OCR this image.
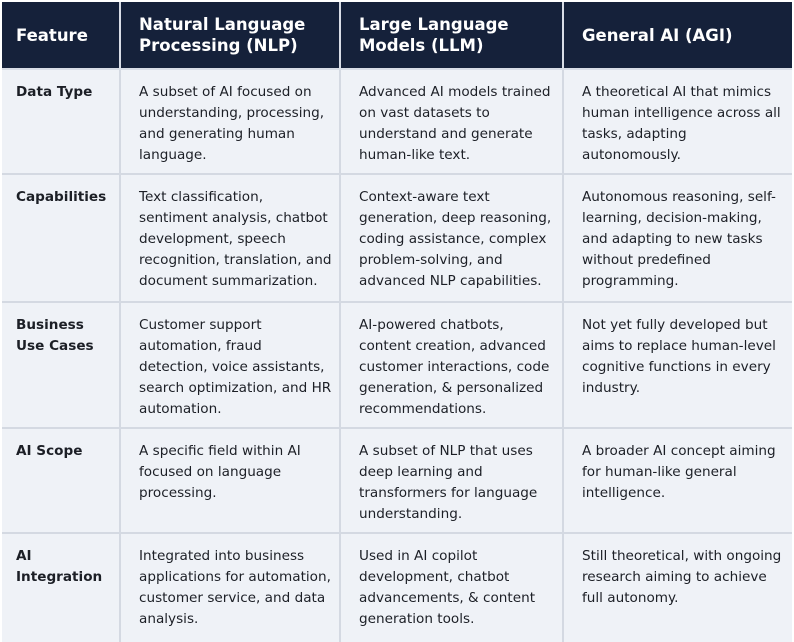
Feature	Natural Language Processing (NLP)	Large Language Models (LLM)	General AI (AGI)
Data Type	A subset of AI focused on understanding, processing, and generating human language.	Advanced AI models trained on vast datasets to understand and generate human-like text.	A theoretical AI that mimics human intelligence across all tasks, adapting autonomously.
Capabilities	Text classification, sentiment analysis, chatbot development, speech recognition, translation, and document summarization.	Context-aware text generation, deep reasoning, coding assistance, complex problem-solving, and advanced NLP capabilities.	Autonomous reasoning, self-learning, decision-making, and adapting to new tasks without predefined programming.
Business Use Cases	Customer support automation, fraud detection, voice assistants, search optimization, and HR automation.	AI-powered chatbots, content creation, advanced customer interactions, code generation, & personalized recommendations.	Not yet fully developed but aims to replace human-level cognitive functions in every industry.
AI Scope	A specific field within AI focused on language processing.	A subset of NLP that uses deep learning and transformers for language understanding.	A broader AI concept aiming for human-like general intelligence.
AI Integration	Integrated into business applications for automation, customer service, and data analysis.	Used in AI copilot development, chatbot advancements, & content generation tools.	Still theoretical, with ongoing research aiming to achieve full autonomy.
